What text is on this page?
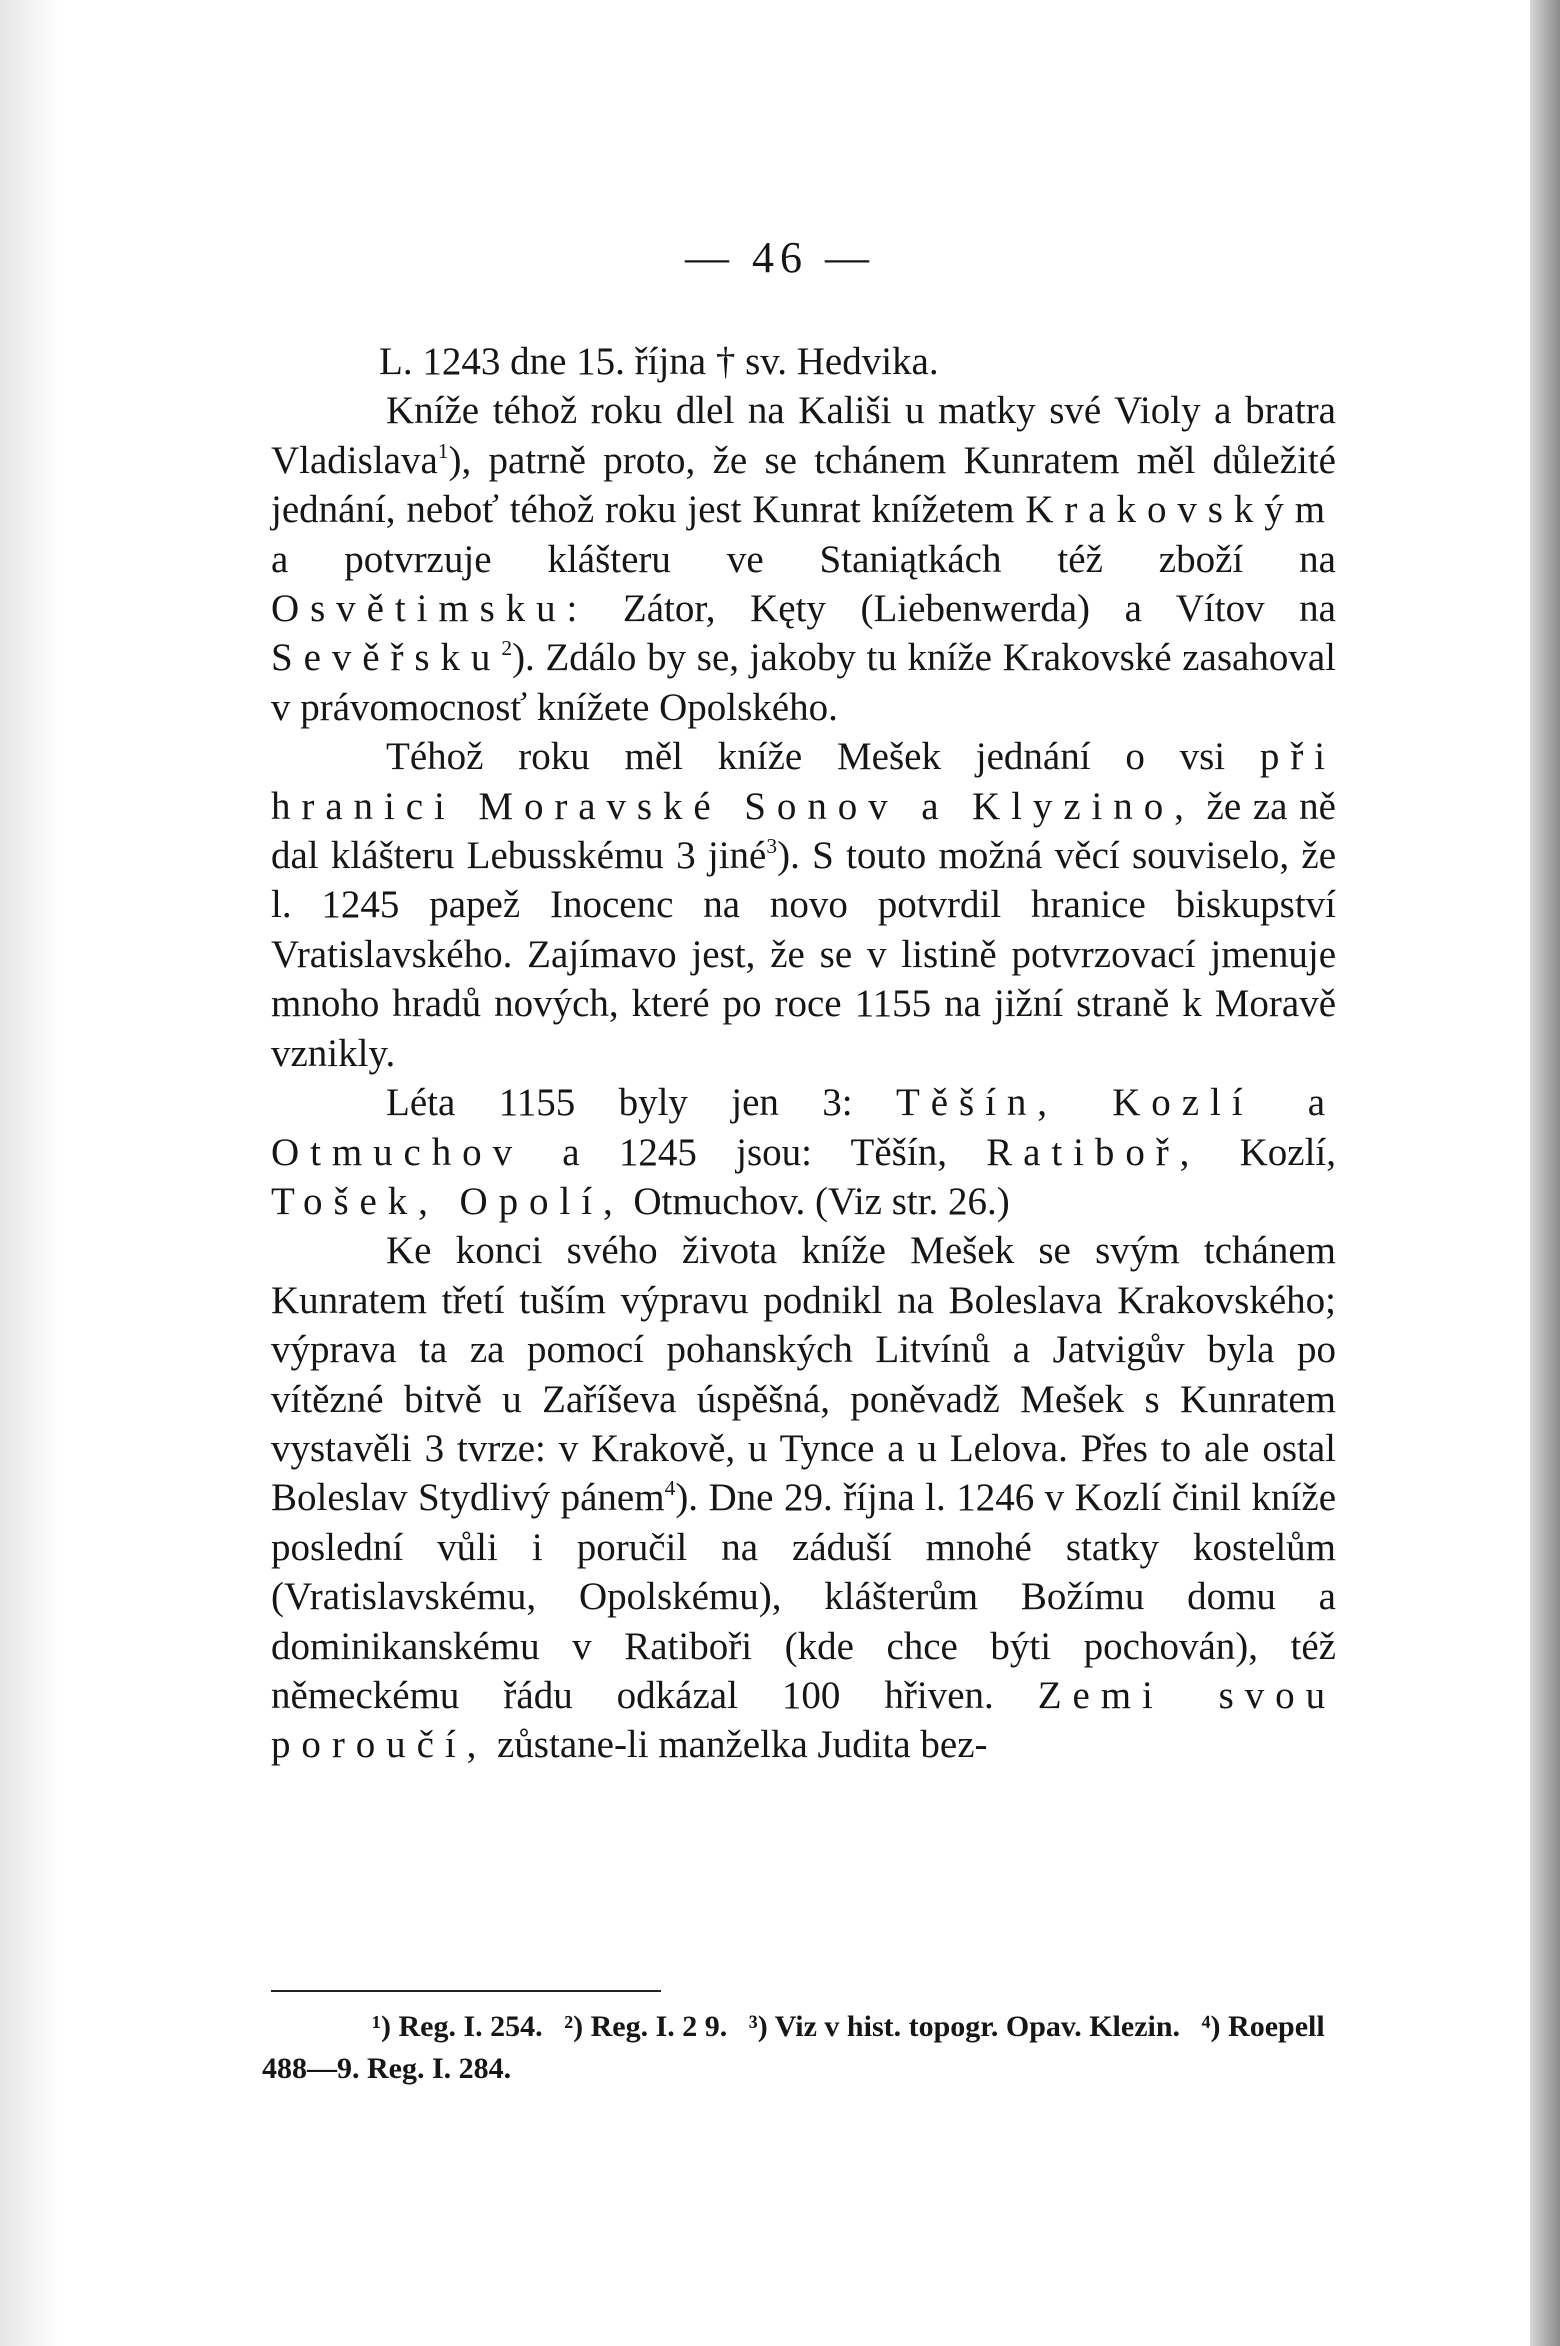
— 46 —

L. 1243 dne 15. října † sv. Hedvika.

Kníže téhož roku dlel na Kališi u matky své Violy a bratra Vladislava$^1$), patrně proto, že se tchánem Kunratem měl důležité jednání, neboť téhož roku jest Kunrat knížetem Krakovským a potvrzuje klášteru ve Staniątkách též zboží na Osvětimsku: Zátor, Kęty (Liebenwerda) a Vítov na Sevěřsku$^2$). Zdálo by se, jakoby tu kníže Krakovské zasahoval v právomocnosť knížete Opolského.

Téhož roku měl kníže Mešek jednání o vsi při hranici Moravské Sonov a Klyzino, že za ně dal klášteru Lebusskému 3 jiné$^3$). S touto možná věcí souviselo, že l. 1245 papež Inocenc na novo potvrdil hranice biskupství Vratislavského. Zajímavo jest, že se v listině potvrzovací jmenuje mnoho hradů nových, které po roce 1155 na jižní straně k Moravě vznikly.

Léta 1155 byly jen 3: Těšín, Kozlí a Otmuchov a 1245 jsou: Těšín, Ratiboř, Kozlí, Tošek, Opolí, Otmuchov. (Viz str. 26.)

Ke konci svého života kníže Mešek se svým tchánem Kunratem třetí tuším výpravu podnikl na Boleslava Krakovského; výprava ta za pomocí pohanských Litvínů a Jatvigův byla po vítězné bitvě u Zaříševa úspěšná, poněvadž Mešek s Kunratem vystavěli 3 tvrze: v Krakově, u Tynce a u Lelova. Přes to ale ostal Boleslav Stydlivý pánem$^4$). Dne 29. října l. 1246 v Kozlí činil kníže poslední vůli i poručil na záduší mnohé statky kostelům (Vratislavskému, Opolskému), klášterům Božímu domu a dominikanskému v Ratiboři (kde chce býti pochován), též německému řádu odkázal 100 hřiven. Zemi svou poroučí, zůstane-li manželka Judita bez-

¹) Reg. I. 254. ²) Reg. I. 2 9. ³) Viz v hist. topogr. Opav. Klezin. ⁴) Roepell 488—9. Reg. I. 284.
